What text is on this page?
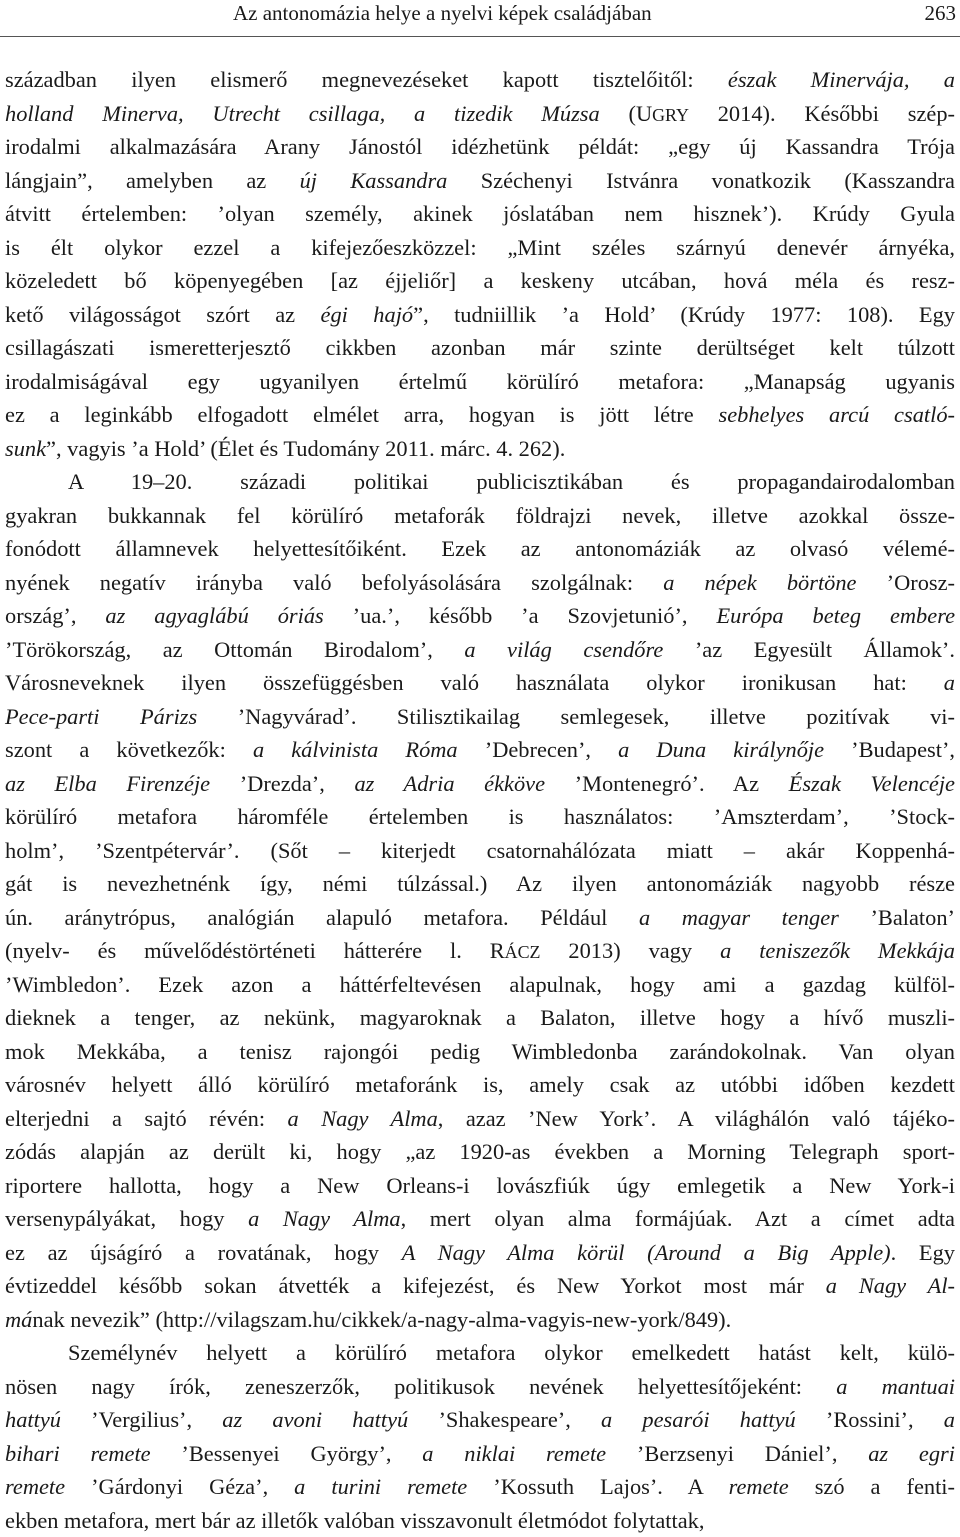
Az antonomázia helye a nyelvi képek családjában	263
században ilyen elismerő megnevezéseket kapott tisztelőitől: észak Minervája, a
holland Minerva, Utrecht csillaga, a tizedik Múzsa (UGRY 2014). Későbbi szép-
irodalmi alkalmazására Arany Jánostól idézhetünk példát: „egy új Kassandra Trója
lángjain”, amelyben az új Kassandra Széchenyi Istvánra vonatkozik (Kasszandra
átvitt értelemben: ’olyan személy, akinek jóslatában nem hisznek’). Krúdy Gyula
is élt olykor ezzel a kifejezőeszközzel: „Mint széles szárnyú denevér árnyéka,
közeledett bő köpenyegében [az éjjeliőr] a keskeny utcában, hová méla és resz-
kető világosságot szórt az égi hajó”, tudniillik ’a Hold’ (Krúdy 1977: 108). Egy
csillagászati ismeretterjesztő cikkben azonban már szinte derültséget kelt túlzott
irodalmiságával egy ugyanilyen értelmű körülíró metafora: „Manapság ugyanis
ez a leginkább elfogadott elmélet arra, hogyan is jött létre sebhelyes arcú csatló-
sunk”, vagyis ’a Hold’ (Élet és Tudomány 2011. márc. 4. 262).
A 19–20. századi politikai publicisztikában és propagandairodalomban
gyakran bukkannak fel körülíró metaforák földrajzi nevek, illetve azokkal össze-
fonódott államnevek helyettesítőiként. Ezek az antonomáziák az olvasó vélemé-
nyének negatív irányba való befolyásolására szolgálnak: a népek börtöne ’Orosz-
ország’, az agyaglábú óriás ’ua.’, később ’a Szovjetunió’, Európa beteg embere
’Törökország, az Ottomán Birodalom’, a világ csendőre ’az Egyesült Államok’.
Városneveknek ilyen összefüggésben való használata olykor ironikusan hat: a
Pece-parti Párizs ’Nagyvárad’. Stilisztikailag semlegesek, illetve pozitívak vi-
szont a következők: a kálvinista Róma ’Debrecen’, a Duna királynője ’Budapest’,
az Elba Firenzéje ’Drezda’, az Adria ékköve ’Montenegró’. Az Észak Velencéje
körülíró metafora háromféle értelemben is használatos: ’Amszterdam’, ’Stock-
holm’, ’Szentpétervár’. (Sőt – kiterjedt csatornahálózata miatt – akár Koppenhá-
gát is nevezhetnénk így, némi túlzással.) Az ilyen antonomáziák nagyobb része
ún. aránytrópus, analógián alapuló metafora. Például a magyar tenger ’Balaton’
(nyelv- és művelődéstörténeti hátterére l. RÁCZ 2013) vagy a teniszezők Mekkája
’Wimbledon’. Ezek azon a háttérfeltevésen alapulnak, hogy ami a gazdag külföl-
dieknek a tenger, az nekünk, magyaroknak a Balaton, illetve hogy a hívő muszli-
mok Mekkába, a tenisz rajongói pedig Wimbledonba zarándokolnak. Van olyan
városnév helyett álló körülíró metaforánk is, amely csak az utóbbi időben kezdett
elterjedni a sajtó révén: a Nagy Alma, azaz ’New York’. A világhálón való tájéko-
zódás alapján az derült ki, hogy „az 1920-as években a Morning Telegraph sport-
riportere hallotta, hogy a New Orleans-i lovászfiúk úgy emlegetik a New York-i
versenypályákat, hogy a Nagy Alma, mert olyan alma formájúak. Azt a címet adta
ez az újságíró a rovatának, hogy A Nagy Alma körül (Around a Big Apple). Egy
évtizeddel később sokan átvették a kifejezést, és New Yorkot most már a Nagy Al-
mának nevezik” (http://vilagszam.hu/cikkek/a-nagy-alma-vagyis-new-york/849).
Személynév helyett a körülíró metafora olykor emelkedett hatást kelt, külö-
nösen nagy írók, zeneszerzők, politikusok nevének helyettesítőjeként: a mantuai
hattyú ’Vergilius’, az avoni hattyú ’Shakespeare’, a pesarói hattyú ’Rossini’, a
bihari remete ’Bessenyei György’, a niklai remete ’Berzsenyi Dániel’, az egri
remete ’Gárdonyi Géza’, a turini remete ’Kossuth Lajos’. A remete szó a fenti-
ekben metafora, mert bár az illetők valóban visszavonult életmódot folytattak,
